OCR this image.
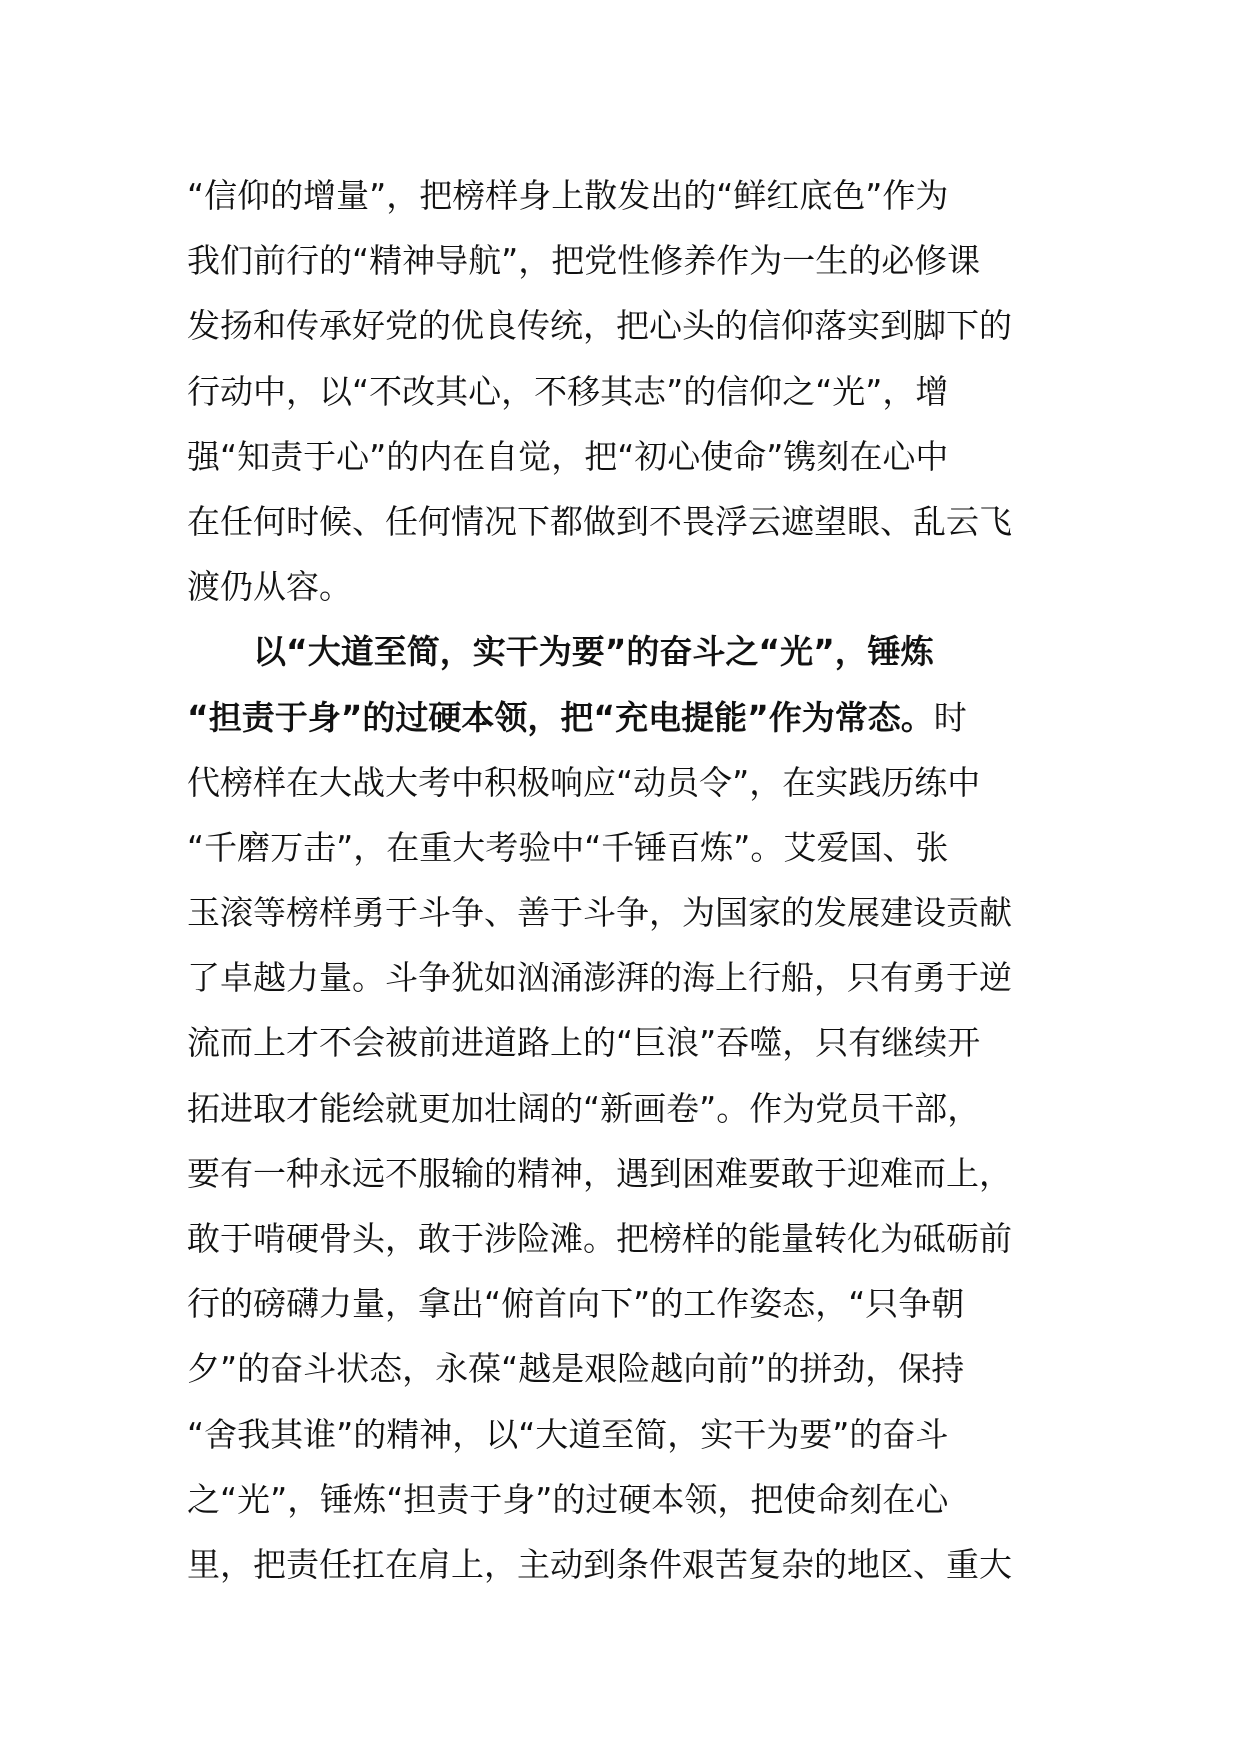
“信仰的增量”，把榜样身上散发出的“鲜红底色”作为
我们前行的“精神导航”，把党性修养作为一生的必修课
发扬和传承好党的优良传统，把心头的信仰落实到脚下的
行动中，以“不改其心，不移其志”的信仰之“光”，增
强“知责于心”的内在自觉，把“初心使命”镌刻在心中
在任何时候、任何情况下都做到不畏浮云遮望眼、乱云飞
渡仍从容。
　　以“大道至简，实干为要”的奋斗之“光”，锤炼
“担责于身”的过硬本领，把“充电提能”作为常态。时
代榜样在大战大考中积极响应“动员令”，在实践历练中
“千磨万击”，在重大考验中“千锤百炼”。艾爱国、张
玉滚等榜样勇于斗争、善于斗争，为国家的发展建设贡献
了卓越力量。斗争犹如汹涌澎湃的海上行船，只有勇于逆
流而上才不会被前进道路上的“巨浪”吞噬，只有继续开
拓进取才能绘就更加壮阔的“新画卷”。作为党员干部，
要有一种永远不服输的精神，遇到困难要敢于迎难而上，
敢于啃硬骨头，敢于涉险滩。把榜样的能量转化为砥砺前
行的磅礴力量，拿出“俯首向下”的工作姿态，“只争朝
夕”的奋斗状态，永葆“越是艰险越向前”的拼劲，保持
“舍我其谁”的精神，以“大道至简，实干为要”的奋斗
之“光”，锤炼“担责于身”的过硬本领，把使命刻在心
里，把责任扛在肩上，主动到条件艰苦复杂的地区、重大
